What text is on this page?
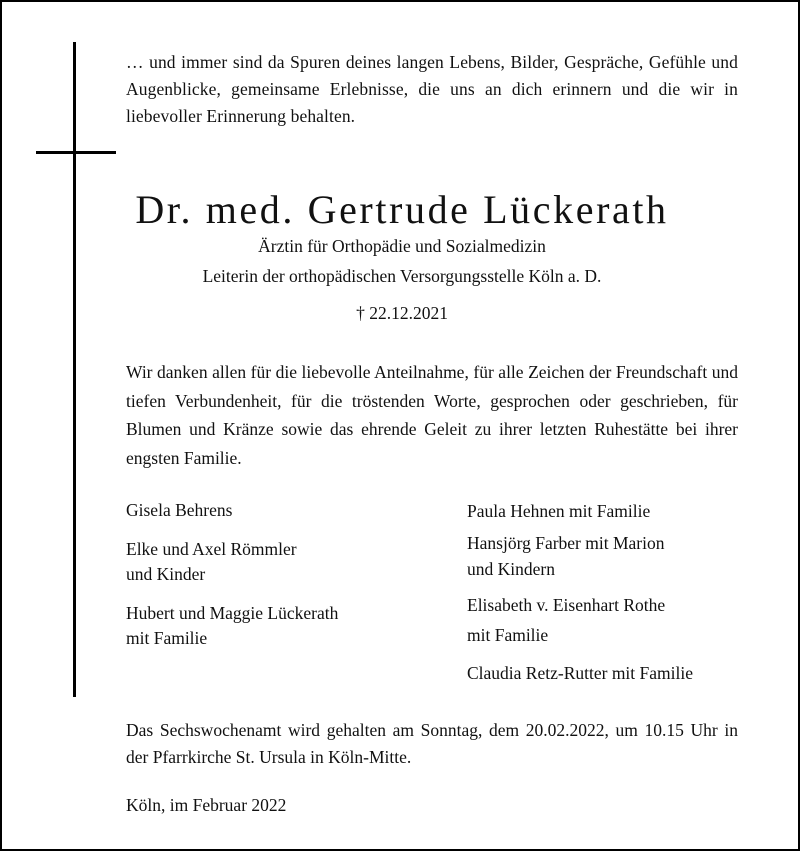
… und immer sind da Spuren deines langen Lebens, Bilder, Gespräche, Gefühle und Augenblicke, gemeinsame Erlebnisse, die uns an dich erinnern und die wir in liebevoller Erinnerung behalten.
Dr. med. Gertrude Lückerath
Ärztin für Orthopädie und Sozialmedizin
Leiterin der orthopädischen Versorgungsstelle Köln a. D.
† 22.12.2021
Wir danken allen für die liebevolle Anteilnahme, für alle Zeichen der Freundschaft und tiefen Verbundenheit, für die tröstenden Worte, gesprochen oder geschrieben, für Blumen und Kränze sowie das ehrende Geleit zu ihrer letzten Ruhestätte bei ihrer engsten Familie.
Gisela Behrens
Elke und Axel Römmler
und Kinder
Hubert und Maggie Lückerath
mit Familie
Paula Hehnen mit Familie
Hansjörg Farber mit Marion
und Kindern
Elisabeth v. Eisenhart Rothe
mit Familie
Claudia Retz-Rutter mit Familie
Das Sechswochenamt wird gehalten am Sonntag, dem 20.02.2022, um 10.15 Uhr in der Pfarrkirche St. Ursula in Köln-Mitte.
Köln, im Februar 2022
